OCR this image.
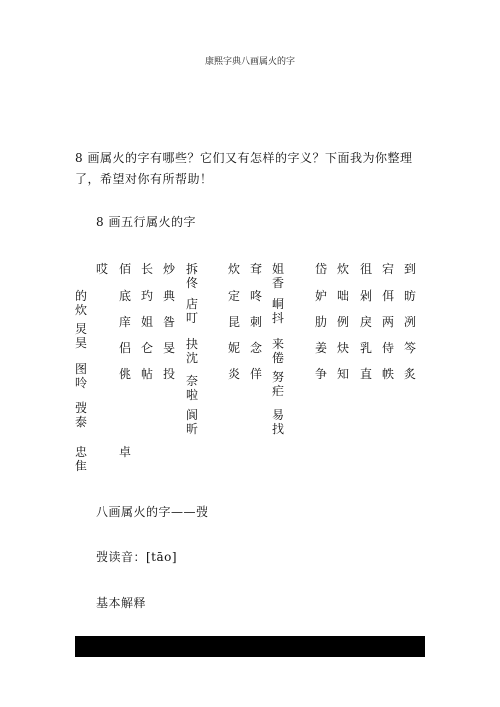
康熙字典八画属火的字
8 画属火的字有哪些？它们又有怎样的字义？下面我为你整理了，希望对你有所帮助！
8 画五行属火的字
哎 佰 长 炒 拆
佟
炊 耷 姐
香
岱 炊 徂 宕 到
的
炊
炅
昊
图
呤
弢
泰
忠
隹
底 玓 典
店
定 咚
峒
妒 咄 剁 佴 昉
庠 姐 昝 叮 昆 刺 抖	肋 例 戾 两 冽
侣 仑 旻 抉
沈
妮 念 来
倦
姜 炔 乳 侍 笒
佻 帖 投 奈
啦
炎 佯 努
疟
争 知 直 帙 炙
阆
昕
易
找
卓
八画属火的字——弢
弢读音：[tāo]
基本解释
